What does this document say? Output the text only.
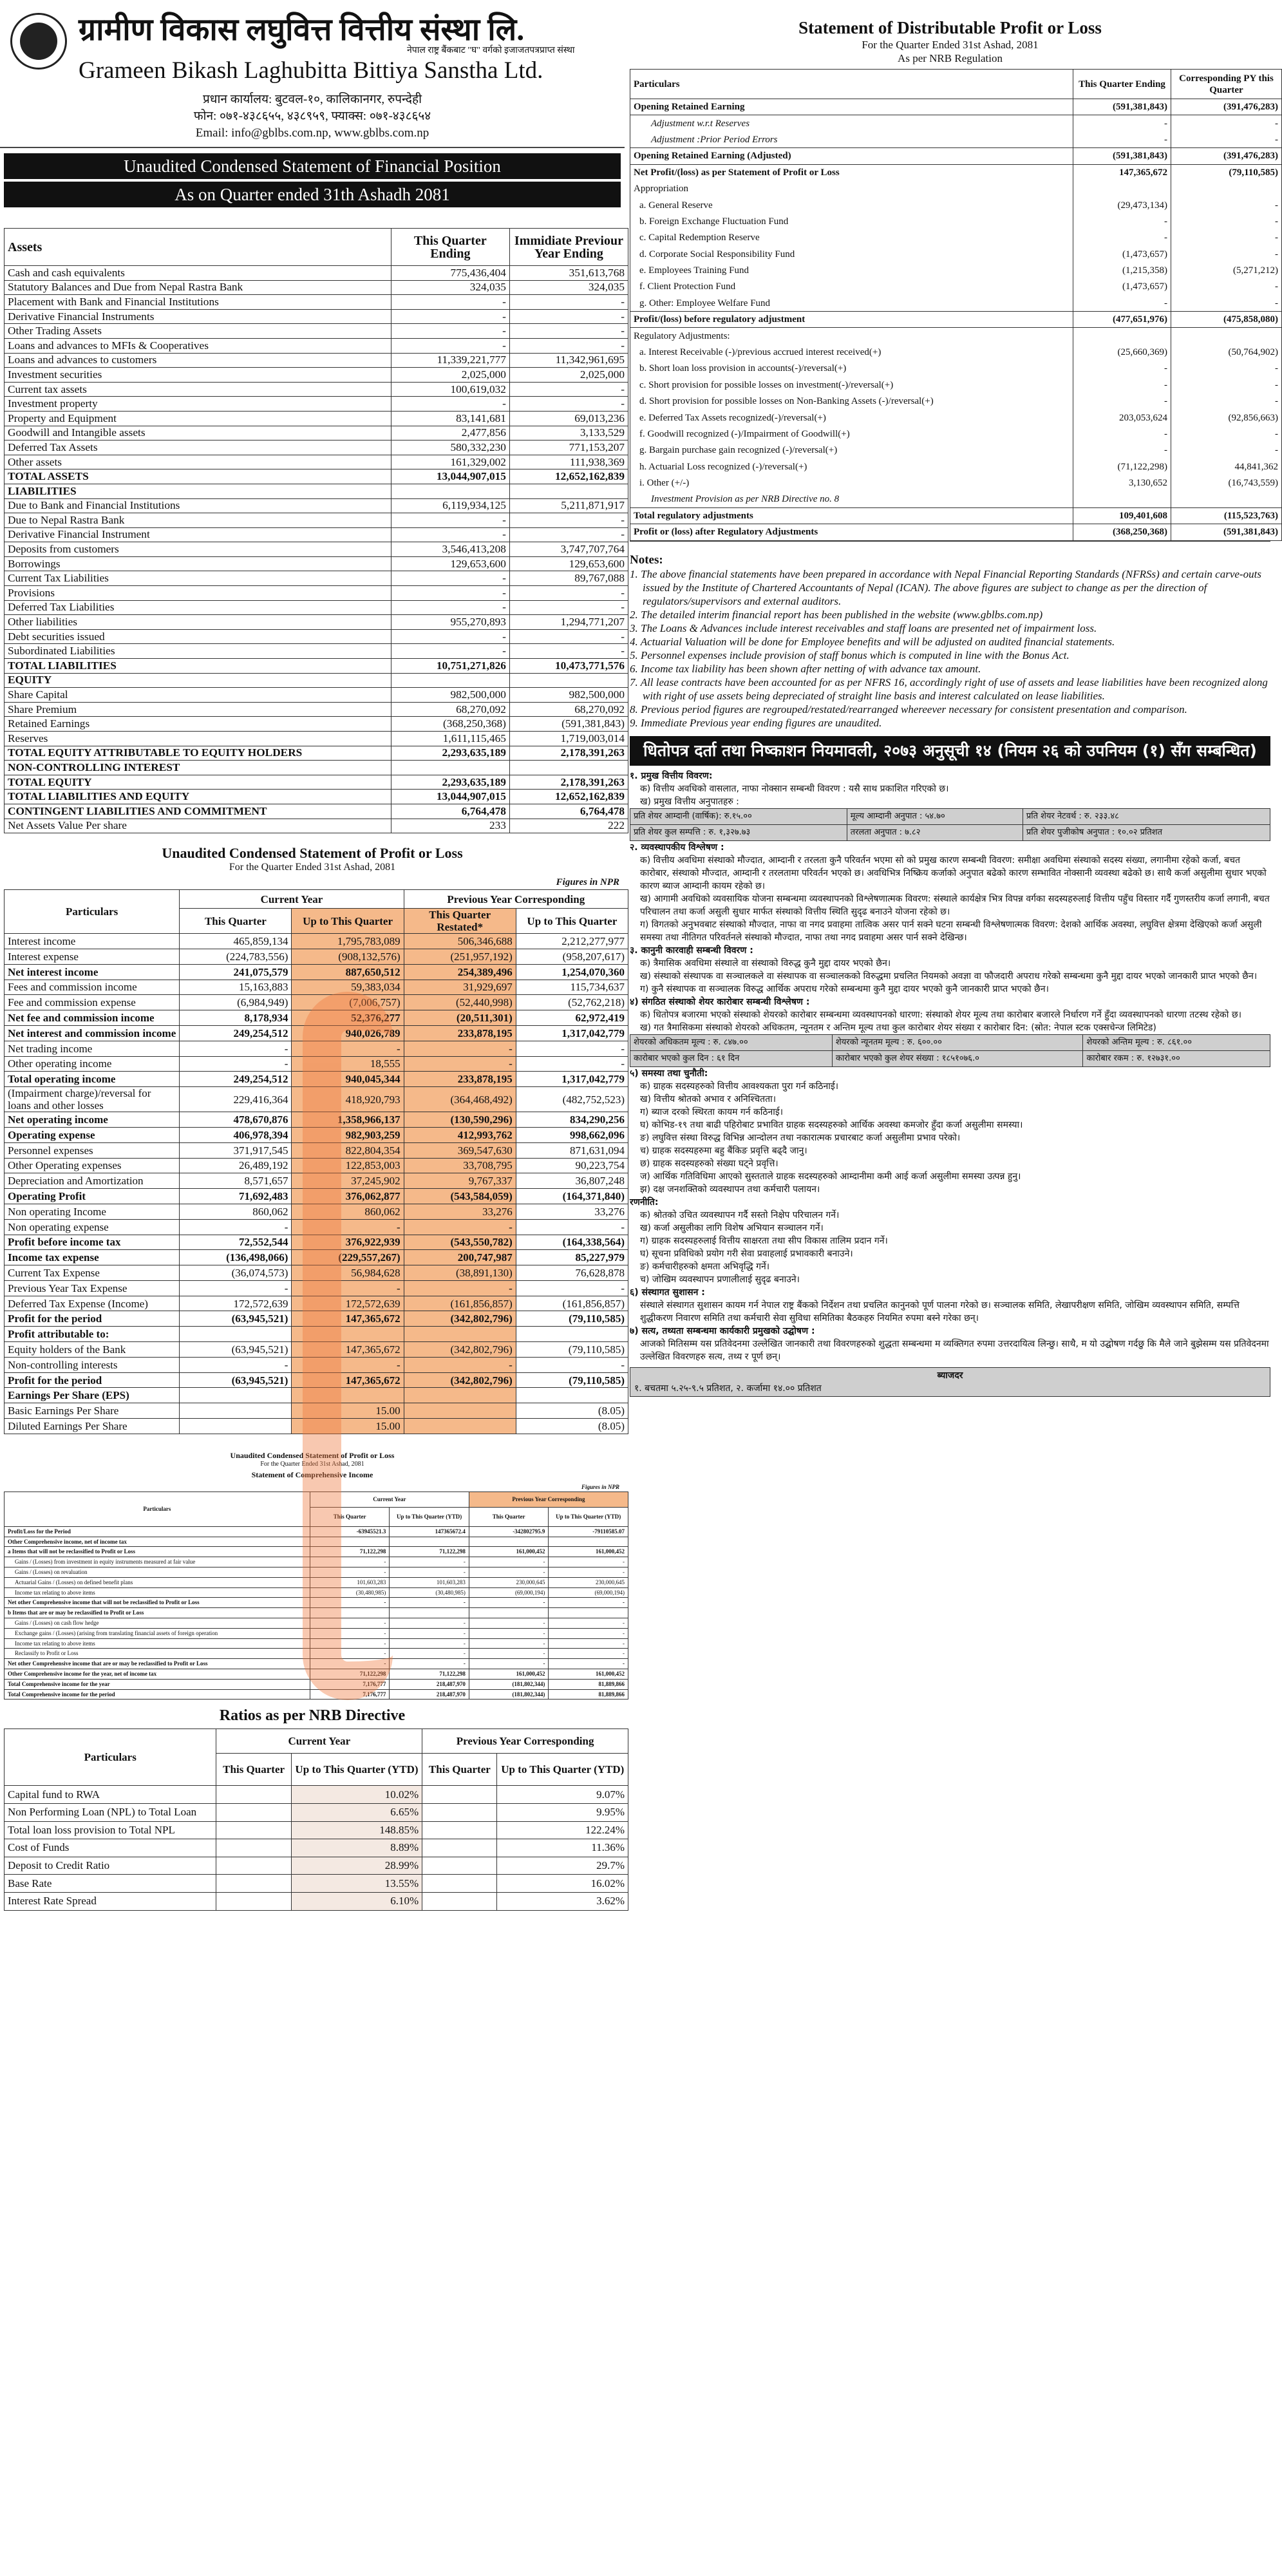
ग्रामीण विकास लघुवित्त वित्तीय संस्था लि.
Grameen Bikash Laghubitta Bittiya Sanstha Ltd.
नेपाल राष्ट्र बैंकबाट "घ" वर्गको इजाजतपत्रप्राप्त संस्था
प्रधान कार्यालय: बुटवल-१०, कालिकानगर, रुपन्देही
फोन: ०७१-४३८६५५, ४३८९५९, फ्याक्स: ०७१-४३८६५४
Email: info@gblbs.com.np, www.gblbs.com.np
Unaudited Condensed Statement of Financial Position
As on Quarter ended 31th Ashadh 2081
Assets	This Quarter Ending	Immidiate Previour Year Ending
Cash and cash equivalents	775,436,404	351,613,768
Statutory Balances and Due from Nepal Rastra Bank	324,035	324,035
Placement with Bank and Financial Institutions	-	-
Derivative Financial Instruments	-	-
Other Trading Assets	-	-
Loans and advances to MFIs & Cooperatives	-	-
Loans and advances to customers	11,339,221,777	11,342,961,695
Investment securities	2,025,000	2,025,000
Current tax assets	100,619,032	-
Investment property	-	-
Property and Equipment	83,141,681	69,013,236
Goodwill and Intangible assets	2,477,856	3,133,529
Deferred Tax Assets	580,332,230	771,153,207
Other assets	161,329,002	111,938,369
TOTAL ASSETS	13,044,907,015	12,652,162,839
LIABILITIES		
Due to Bank and Financial Institutions	6,119,934,125	5,211,871,917
Due to Nepal Rastra Bank	-	-
Derivative Financial Instrument	-	-
Deposits from customers	3,546,413,208	3,747,707,764
Borrowings	129,653,600	129,653,600
Current Tax Liabilities	-	89,767,088
Provisions	-	-
Deferred Tax Liabilities	-	-
Other liabilities	955,270,893	1,294,771,207
Debt securities issued	-	-
Subordinated Liabilities	-	-
TOTAL LIABILITIES	10,751,271,826	10,473,771,576
EQUITY		
Share Capital	982,500,000	982,500,000
Share Premium	68,270,092	68,270,092
Retained Earnings	(368,250,368)	(591,381,843)
Reserves	1,611,115,465	1,719,003,014
TOTAL EQUITY ATTRIBUTABLE TO EQUITY HOLDERS	2,293,635,189	2,178,391,263
NON-CONTROLLING INTEREST		
TOTAL EQUITY	2,293,635,189	2,178,391,263
TOTAL LIABILITIES AND EQUITY	13,044,907,015	12,652,162,839
CONTINGENT LIABILITIES AND COMMITMENT	6,764,478	6,764,478
Net Assets Value Per share	233	222
Unaudited Condensed Statement of Profit or Loss
For the Quarter Ended 31st Ashad, 2081
Figures in NPR
Particulars	Current Year		Previous Year Corresponding	
	This Quarter	Up to This Quarter	This Quarter Restated*	Up to This Quarter
Interest income	465,859,134	1,795,783,089	506,346,688	2,212,277,977
Interest expense	(224,783,556)	(908,132,576)	(251,957,192)	(958,207,617)
Net interest income	241,075,579	887,650,512	254,389,496	1,254,070,360
Fees and commission income	15,163,883	59,383,034	31,929,697	115,734,637
Fee and commission expense	(6,984,949)	(7,006,757)	(52,440,998)	(52,762,218)
Net fee and commission income	8,178,934	52,376,277	(20,511,301)	62,972,419
Net interest and commission income	249,254,512	940,026,789	233,878,195	1,317,042,779
Net trading income	-	-	-	-
Other operating income	-	18,555	-	-
Total operating income	249,254,512	940,045,344	233,878,195	1,317,042,779
(Impairment charge)/reversal for loans and other losses	229,416,364	418,920,793	(364,468,492)	(482,752,523)
Net operating income	478,670,876	1,358,966,137	(130,590,296)	834,290,256
Operating expense	406,978,394	982,903,259	412,993,762	998,662,096
Personnel expenses	371,917,545	822,804,354	369,547,630	871,631,094
Other Operating expenses	26,489,192	122,853,003	33,708,795	90,223,754
Depreciation and Amortization	8,571,657	37,245,902	9,767,337	36,807,248
Operating Profit	71,692,483	376,062,877	(543,584,059)	(164,371,840)
Non operating Income	860,062	860,062	33,276	33,276
Non operating expense	-	-	-	-
Profit before income tax	72,552,544	376,922,939	(543,550,782)	(164,338,564)
Income tax expense	(136,498,066)	(229,557,267)	200,747,987	85,227,979
Current Tax Expense	(36,074,573)	56,984,628	(38,891,130)	76,628,878
Previous Year Tax Expense	-	-	-	-
Deferred Tax Expense (Income)	172,572,639	172,572,639	(161,856,857)	(161,856,857)
Profit for the period	(63,945,521)	147,365,672	(342,802,796)	(79,110,585)
Profit attributable to:				
Equity holders of the Bank	(63,945,521)	147,365,672	(342,802,796)	(79,110,585)
Non-controlling interests	-	-	-	-
Profit for the period	(63,945,521)	147,365,672	(342,802,796)	(79,110,585)
Earnings Per Share (EPS)				
Basic Earnings Per Share		15.00		(8.05)
Diluted Earnings Per Share		15.00		(8.05)
Unaudited Condensed Statement of Profit or Loss
For the Quarter Ended 31st Ashad, 2081
Statement of Comprehensive Income
Figures in NPR
Particulars	Current Year		Previous Year Corresponding	
	This Quarter	Up to This Quarter (YTD)	This Quarter	Up to This Quarter (YTD)
Profit/Loss for the Period	-63945521.3	147365672.4	-342802795.9	-79110585.07
Other Comprehensive income, net of income tax				
a Items that will not be reclassified to Profit or Loss	71,122,298	71,122,298	161,000,452	161,000,452
Gains / (Losses) from investment in equity instruments measured at fair value	-	-	-	-
Gains / (Losses) on revaluation	-	-	-	-
Actuarial Gains / (Losses) on defined benefit plans	101,603,283	101,603,283	230,000,645	230,000,645
Income tax relating to above items	(30,480,985)	(30,480,985)	(69,000,194)	(69,000,194)
Net other Comprehensive income that will not be reclassified to Profit or Loss	-	-	-	-
b Items that are or may be reclassified to Profit or Loss				
Gains / (Losses) on cash flow hedge	-	-	-	-
Exchange gains / (Losses) (arising from translating financial assets of foreign operation	-	-	-	-
Income tax relating to above items	-	-	-	-
Reclassify to Profit or Loss	-	-	-	-
Net other Comprehensive income that are or may be reclassified to Profit or Loss	-	-	-	-
Other Comprehensive income for the year, net of income tax	71,122,298	71,122,298	161,000,452	161,000,452
Total Comprehensive income for the year	7,176,777	218,487,970	(181,802,344)	81,889,866
Total Comprehensive income for the period	7,176,777	218,487,970	(181,802,344)	81,889,866
Ratios as per NRB Directive
Particulars	Current Year		Previous Year Corresponding	
	This Quarter	Up to This Quarter (YTD)	This Quarter	Up to This Quarter (YTD)
Capital fund to RWA		10.02%		9.07%
Non Performing Loan (NPL) to Total Loan		6.65%		9.95%
Total loan loss provision to Total NPL		148.85%		122.24%
Cost of Funds		8.89%		11.36%
Deposit to Credit Ratio		28.99%		29.7%
Base Rate		13.55%		16.02%
Interest Rate Spread		6.10%		3.62%
Statement of Distributable Profit or Loss
For the Quarter Ended 31st Ashad, 2081
As per NRB Regulation
Particulars	This Quarter Ending	Corresponding PY this Quarter
Opening Retained Earning	(591,381,843)	(391,476,283)
Adjustment w.r.t Reserves	-	-
Adjustment :Prior Period Errors	-	-
Opening Retained Earning (Adjusted)	(591,381,843)	(391,476,283)
Net Profit/(loss) as per Statement of Profit or Loss	147,365,672	(79,110,585)
Appropriation		
a. General Reserve	(29,473,134)	-
b. Foreign Exchange Fluctuation Fund	-	-
c. Capital Redemption Reserve	-	-
d. Corporate Social Responsibility Fund	(1,473,657)	-
e. Employees Training Fund	(1,215,358)	(5,271,212)
f. Client Protection Fund	(1,473,657)	-
g. Other: Employee Welfare Fund	-	-
Profit/(loss) before regulatory adjustment	(477,651,976)	(475,858,080)
Regulatory Adjustments:		
a. Interest Receivable (-)/previous accrued interest received(+)	(25,660,369)	(50,764,902)
b. Short loan loss provision in accounts(-)/reversal(+)	-	-
c. Short provision for possible losses on investment(-)/reversal(+)	-	-
d. Short provision for possible losses on Non-Banking Assets (-)/reversal(+)	-	-
e. Deferred Tax Assets recognized(-)/reversal(+)	203,053,624	(92,856,663)
f. Goodwill recognized (-)/Impairment of Goodwill(+)	-	-
g. Bargain purchase gain recognized (-)/reversal(+)	-	-
h. Actuarial Loss recognized (-)/reversal(+)	(71,122,298)	44,841,362
i. Other (+/-)	3,130,652	(16,743,559)
Investment Provision as per NRB Directive no. 8		
Total regulatory adjustments	109,401,608	(115,523,763)
Profit or (loss) after Regulatory Adjustments	(368,250,368)	(591,381,843)
Notes:
1. The above financial statements have been prepared in accordance with Nepal Financial Reporting Standards (NFRSs) and certain carve-outs issued by the Institute of Chartered Accountants of Nepal (ICAN). The above figures are subject to change as per the direction of regulators/supervisors and external auditors.
2. The detailed interim financial report has been published in the website (www.gblbs.com.np)
3. The Loans & Advances include interest receivables and staff loans are presented net of impairment loss.
4. Actuarial Valuation will be done for Employee benefits and will be adjusted on audited financial statements.
5. Personnel expenses include provision of staff bonus which is computed in line with the Bonus Act.
6. Income tax liability has been shown after netting of with advance tax amount.
7. All lease contracts have been accounted for as per NFRS 16, accordingly right of use of assets and lease liabilities have been recognized along with right of use assets being depreciated of straight line basis and interest calculated on lease liabilities.
8. Previous period figures are regrouped/restated/rearranged whereever necessary for consistent presentation and comparison.
9. Immediate Previous year ending figures are unaudited.
धितोपत्र दर्ता तथा निष्काशन नियमावली, २०७३ अनुसूची १४ (नियम २६ को उपनियम (१) सँग सम्बन्धित)
१. प्रमुख वित्तीय विवरण:
क) वित्तीय अवधिको वासलात, नाफा नोक्सान सम्बन्धी विवरण : यसै साथ प्रकाशित गरिएको छ।
ख) प्रमुख वित्तीय अनुपातहरु :
प्रति शेयर आम्दानी (वार्षिक): रु.१५.००	मूल्य आम्दानी अनुपात : ५४.७०	प्रति शेयर नेटवर्थ : रु. २३३.४८
प्रति शेयर कुल सम्पत्ति : रु. १,३२७.७३	तरलता अनुपात : ७.८२	प्रति शेयर पुजीकोष अनुपात : १०.०२ प्रतिशत
२. व्यवस्थापकीय विश्लेषण :
क) वित्तीय अवधिमा संस्थाको मौज्दात, आम्दानी र तरलता कुनै परिवर्तन भएमा सो को प्रमुख कारण सम्बन्धी विवरण: समीक्षा अवधिमा संस्थाको सदस्य संख्या, लगानीमा रहेको कर्जा, बचत कारोबार, संस्थाको मौज्दात, आम्दानी र तरलतामा परिवर्तन भएको छ। अवधिभित्र निष्क्रिय कर्जाको अनुपात बढेको कारण सम्भावित नोक्सानी व्यवस्था बढेको छ। साथै कर्जा असुलीमा सुधार भएको कारण ब्याज आम्दानी कायम रहेको छ।
ख) आगामी अवधिको व्यवसायिक योजना सम्बन्धमा व्यवस्थापनको विश्लेषणात्मक विवरण: संस्थाले कार्यक्षेत्र भित्र विपन्न वर्गका सदस्यहरुलाई वित्तीय पहुँच विस्तार गर्दै गुणस्तरीय कर्जा लगानी, बचत परिचालन तथा कर्जा असुली सुधार मार्फत संस्थाको वित्तीय स्थिति सुदृढ बनाउने योजना रहेको छ।
ग) विगतको अनुभवबाट संस्थाको मौज्दात, नाफा वा नगद प्रवाहमा तात्विक असर पार्न सक्ने घटना सम्बन्धी विश्लेषणात्मक विवरण: देशको आर्थिक अवस्था, लघुवित्त क्षेत्रमा देखिएको कर्जा असुली समस्या तथा नीतिगत परिवर्तनले संस्थाको मौज्दात, नाफा तथा नगद प्रवाहमा असर पार्न सक्ने देखिन्छ।
३. कानुनी कारवाही सम्बन्धी विवरण :
क) त्रैमासिक अवधिमा संस्थाले वा संस्थाको विरुद्ध कुनै मुद्दा दायर भएको छैन।
ख) संस्थाको संस्थापक वा सञ्चालकले वा संस्थापक वा सञ्चालकको विरुद्धमा प्रचलित नियमको अवज्ञा वा फौजदारी अपराध गरेको सम्बन्धमा कुनै मुद्दा दायर भएको जानकारी प्राप्त भएको छैन।
ग) कुनै संस्थापक वा सञ्चालक विरुद्ध आर्थिक अपराध गरेको सम्बन्धमा कुनै मुद्दा दायर भएको कुनै जानकारी प्राप्त भएको छैन।
४) संगठित संस्थाको शेयर कारोबार सम्बन्धी विश्लेषण :
क) धितोपत्र बजारमा भएको संस्थाको शेयरको कारोबार सम्बन्धमा व्यवस्थापनको धारणा: संस्थाको शेयर मूल्य तथा कारोबार बजारले निर्धारण गर्ने हुँदा व्यवस्थापनको धारणा तटस्थ रहेको छ।
ख) गत त्रैमासिकमा संस्थाको शेयरको अधिकतम, न्यूनतम र अन्तिम मूल्य तथा कुल कारोबार शेयर संख्या र कारोबार दिन: (स्रोत: नेपाल स्टक एक्सचेन्ज लिमिटेड)
शेयरको अधिकतम मूल्य : रु. ८४७.००	शेयरको न्यूनतम मूल्य : रु. ६००.००	शेयरको अन्तिम मूल्य : रु. ८६१.००
कारोबार भएको कुल दिन : ६१ दिन	कारोबार भएको कुल शेयर संख्या : १८५१०७६.०	कारोबार रकम : रु. १२७३१.००
५) समस्या तथा चुनौती:
क) ग्राहक सदस्यहरुको वित्तीय आवश्यकता पुरा गर्न कठिनाई।
ख) वित्तीय श्रोतको अभाव र अनिश्चितता।
ग) ब्याज दरको स्थिरता कायम गर्न कठिनाई।
घ) कोभिड-१९ तथा बाढी पहिरोबाट प्रभावित ग्राहक सदस्यहरुको आर्थिक अवस्था कमजोर हुँदा कर्जा असुलीमा समस्या।
ङ) लघुवित्त संस्था विरुद्ध विभिन्न आन्दोलन तथा नकारात्मक प्रचारबाट कर्जा असुलीमा प्रभाव परेको।
च) ग्राहक सदस्यहरुमा बहु बैंकिङ प्रवृत्ति बढ्दै जानु।
छ) ग्राहक सदस्यहरुको संख्या घट्ने प्रवृत्ति।
ज) आर्थिक गतिविधिमा आएको सुस्तताले ग्राहक सदस्यहरुको आम्दानीमा कमी आई कर्जा असुलीमा समस्या उत्पन्न हुनु।
झ) दक्ष जनशक्तिको व्यवस्थापन तथा कर्मचारी पलायन।
रणनीति:
क) श्रोतको उचित व्यवस्थापन गर्दै सस्तो निक्षेप परिचालन गर्ने।
ख) कर्जा असुलीका लागि विशेष अभियान सञ्चालन गर्ने।
ग) ग्राहक सदस्यहरुलाई वित्तीय साक्षरता तथा सीप विकास तालिम प्रदान गर्ने।
घ) सूचना प्रविधिको प्रयोग गरी सेवा प्रवाहलाई प्रभावकारी बनाउने।
ङ) कर्मचारीहरुको क्षमता अभिवृद्धि गर्ने।
च) जोखिम व्यवस्थापन प्रणालीलाई सुदृढ बनाउने।
६) संस्थागत सुशासन :
संस्थाले संस्थागत सुशासन कायम गर्न नेपाल राष्ट्र बैंकको निर्देशन तथा प्रचलित कानुनको पूर्ण पालना गरेको छ। सञ्चालक समिति, लेखापरीक्षण समिति, जोखिम व्यवस्थापन समिति, सम्पत्ति शुद्धीकरण निवारण समिति तथा कर्मचारी सेवा सुविधा समितिका बैठकहरु नियमित रुपमा बस्ने गरेका छन्।
७) सत्य, तथ्यता सम्बन्धमा कार्यकारी प्रमुखको उद्घोषण :
आजको मितिसम्म यस प्रतिवेदनमा उल्लेखित जानकारी तथा विवरणहरुको शुद्धता सम्बन्धमा म व्यक्तिगत रुपमा उत्तरदायित्व लिन्छु। साथै, म यो उद्घोषण गर्दछु कि मैले जाने बुझेसम्म यस प्रतिवेदनमा उल्लेखित विवरणहरु सत्य, तथ्य र पूर्ण छन्।
ब्याजदर
१. बचतमा ५.२५-९.५ प्रतिशत, २. कर्जामा १४.०० प्रतिशत
